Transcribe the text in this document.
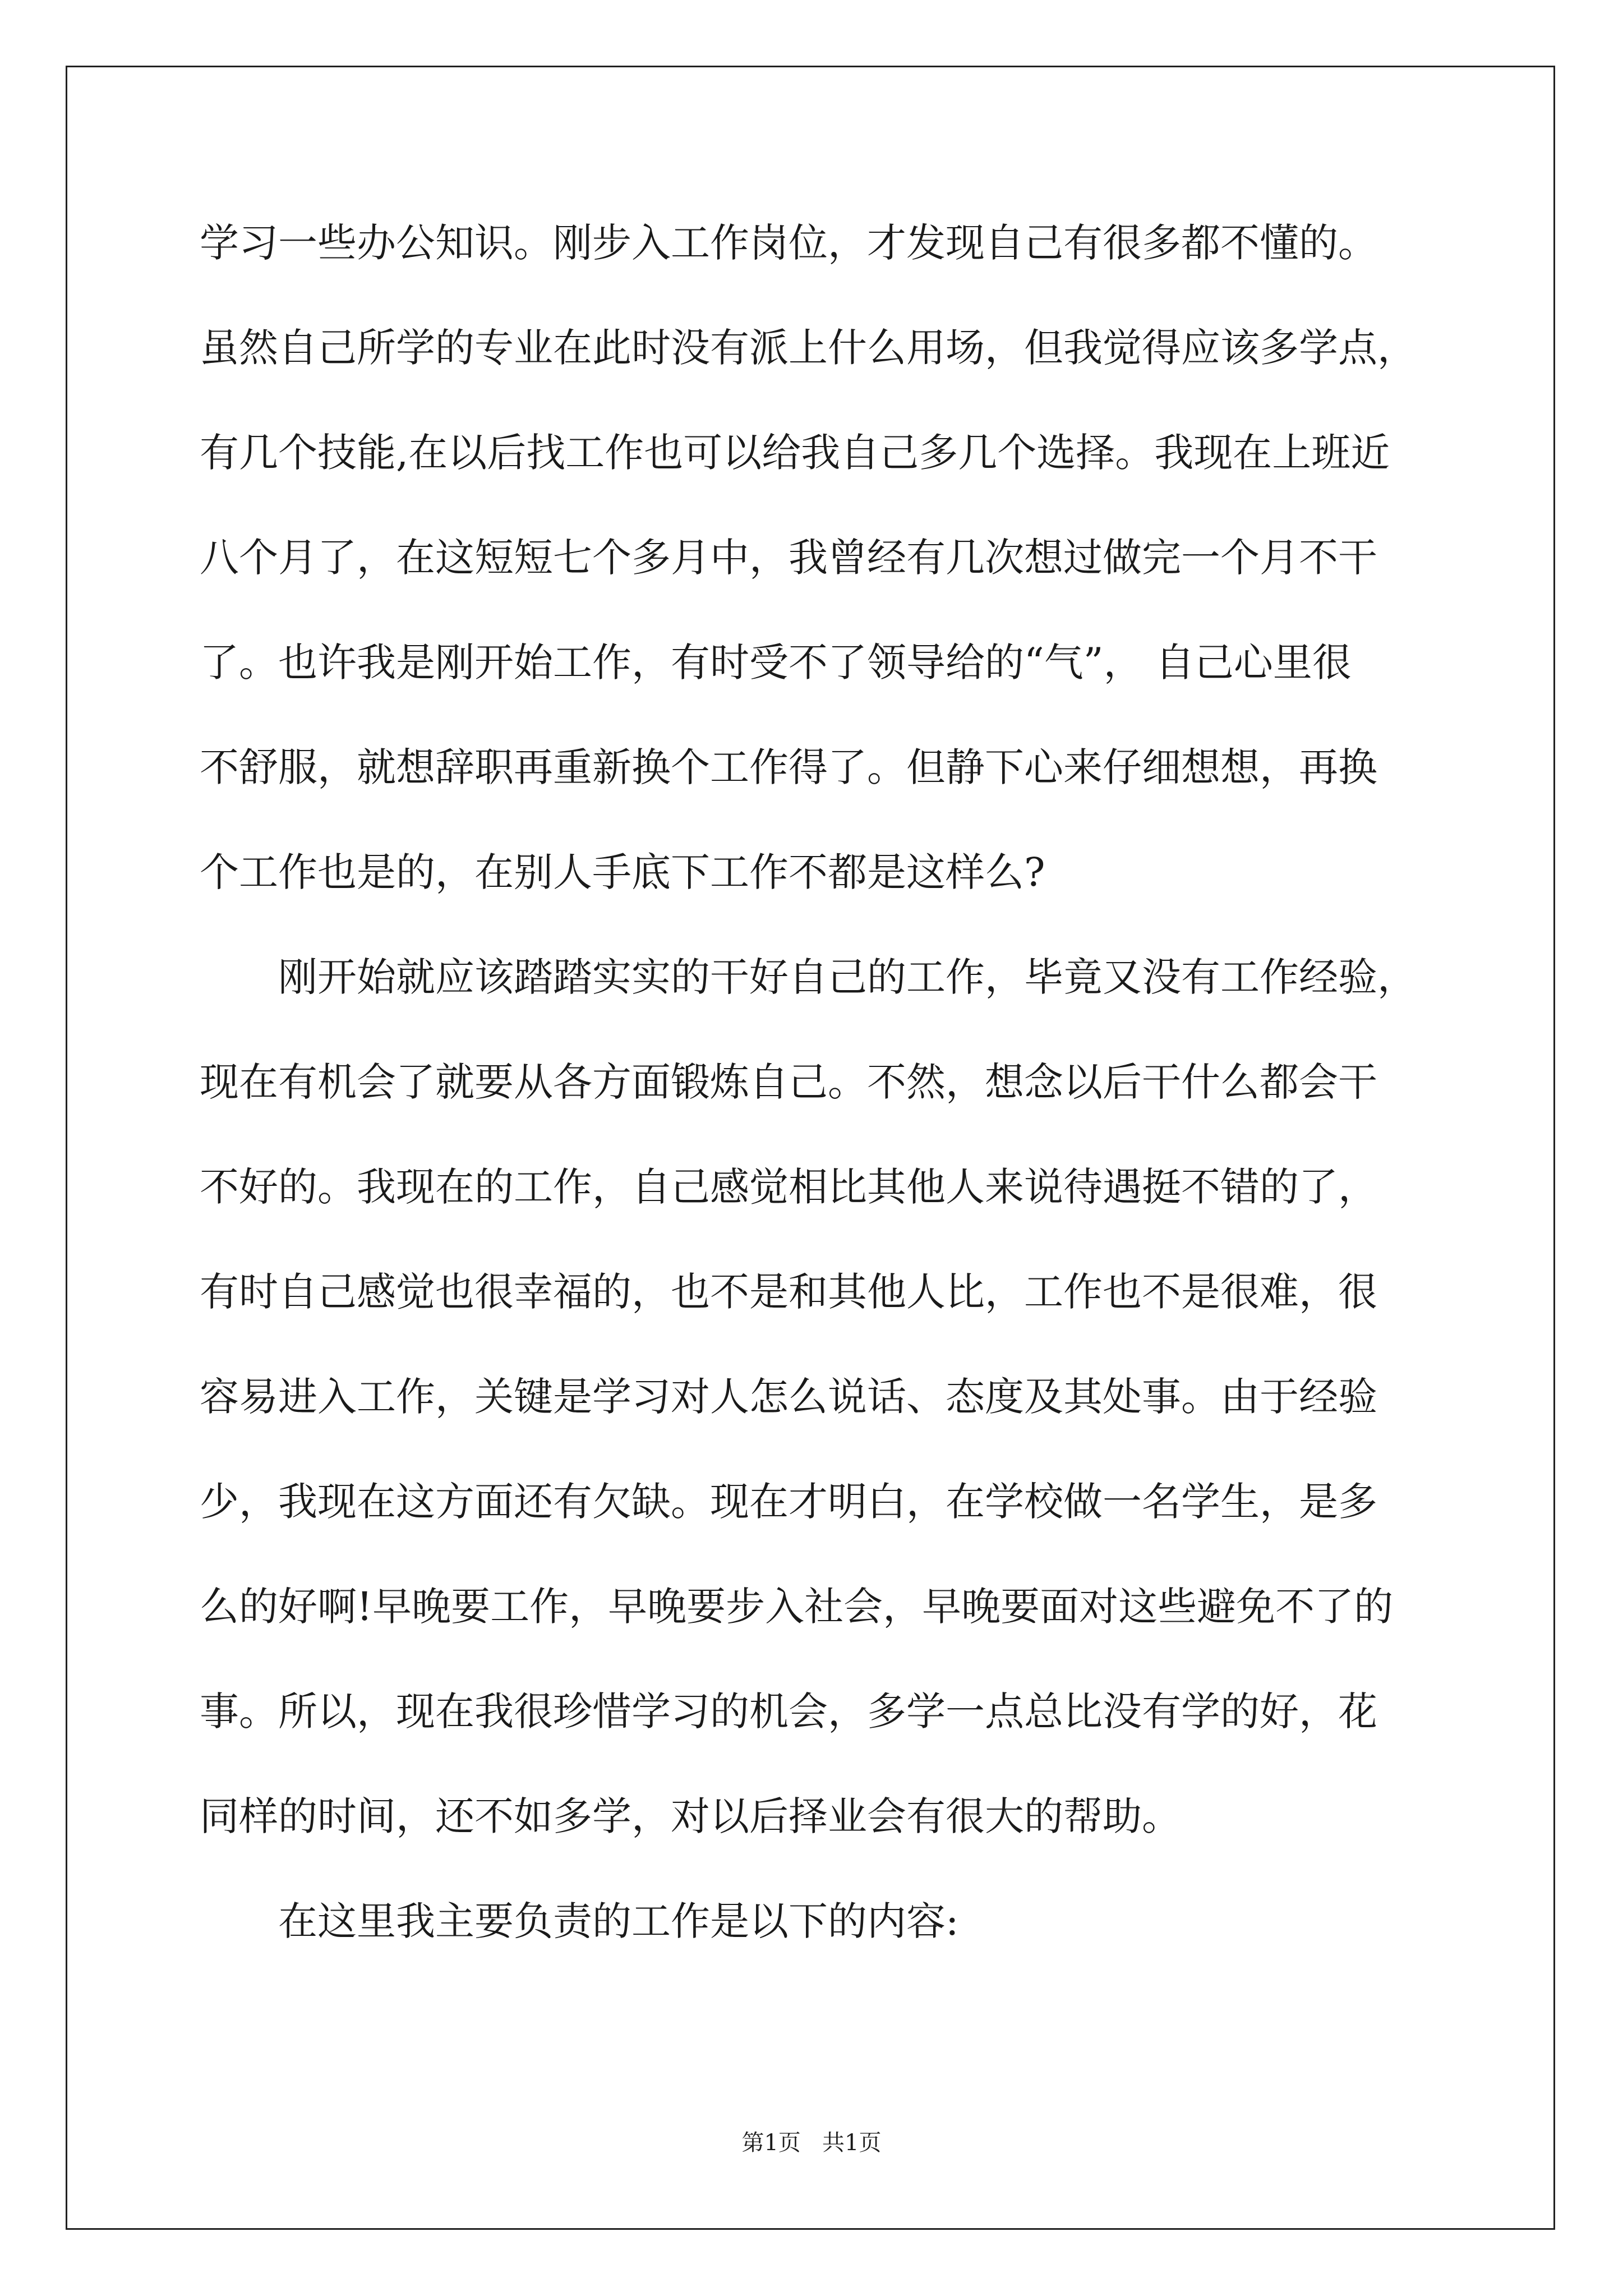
学习一些办公知识。刚步入工作岗位，才发现自己有很多都不懂的。
虽然自己所学的专业在此时没有派上什么用场，但我觉得应该多学点，
有几个技能,在以后找工作也可以给我自己多几个选择。我现在上班近
八个月了，在这短短七个多月中，我曾经有几次想过做完一个月不干
了。也许我是刚开始工作，有时受不了领导给的“气”， 自己心里很
不舒服，就想辞职再重新换个工作得了。但静下心来仔细想想，再换
个工作也是的，在别人手底下工作不都是这样么?
刚开始就应该踏踏实实的干好自己的工作，毕竟又没有工作经验，
现在有机会了就要从各方面锻炼自己。不然，想念以后干什么都会干
不好的。我现在的工作，自己感觉相比其他人来说待遇挺不错的了，
有时自己感觉也很幸福的，也不是和其他人比，工作也不是很难，很
容易进入工作，关键是学习对人怎么说话、态度及其处事。由于经验
少，我现在这方面还有欠缺。现在才明白，在学校做一名学生，是多
么的好啊!早晚要工作，早晚要步入社会，早晚要面对这些避免不了的
事。所以，现在我很珍惜学习的机会，多学一点总比没有学的好，花
同样的时间，还不如多学，对以后择业会有很大的帮助。
在这里我主要负责的工作是以下的内容:
第1页   共1页
